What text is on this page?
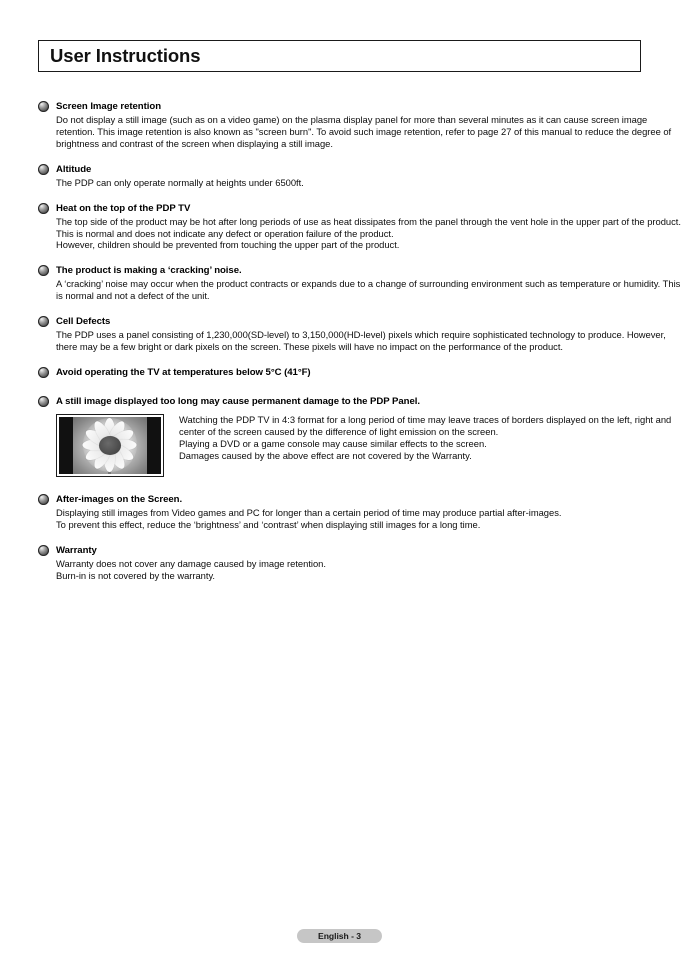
User Instructions
Screen Image retention

Do not display a still image (such as on a video game) on the plasma display panel for more than several minutes as it can cause screen image retention. This image retention is also known as "screen burn". To avoid such image retention, refer to page 27 of this manual to reduce the degree of brightness and contrast of the screen when displaying a still image.

Altitude

The PDP can only operate normally at heights under 6500ft.

Heat on the top of the PDP TV

The top side of the product may be hot after long periods of use as heat dissipates from the panel through the vent hole in the upper part of the product.

This is normal and does not indicate any defect or operation failure of the product.

However, children should be prevented from touching the upper part of the product.

The product is making a ‘cracking’ noise.

A ‘cracking’ noise may occur when the product contracts or expands due to a change of surrounding environment such as temperature or humidity. This is normal and not a defect of the unit.

Cell Defects

The PDP uses a panel consisting of 1,230,000(SD-level) to 3,150,000(HD-level) pixels which require sophisticated technology to produce. However, there may be a few bright or dark pixels on the screen. These pixels will have no impact on the performance of the product.

Avoid operating the TV at temperatures below 5°C (41°F)
A still image displayed too long may cause permanent damage to the PDP Panel.

Watching the PDP TV in 4:3 format for a long period of time may leave traces of borders displayed on the left, right and center of the screen caused by the difference of light emission on the screen.

Playing a DVD or a game console may cause similar effects to the screen.

Damages caused by the above effect are not covered by the Warranty.

After-images on the Screen.

Displaying still images from Video games and PC for longer than a certain period of time may produce partial after-images.

To prevent this effect, reduce the ‘brightness’ and ‘contrast’ when displaying still images for a long time.

Warranty

Warranty does not cover any damage caused by image retention.

Burn-in is not covered by the warranty.

English - 3
